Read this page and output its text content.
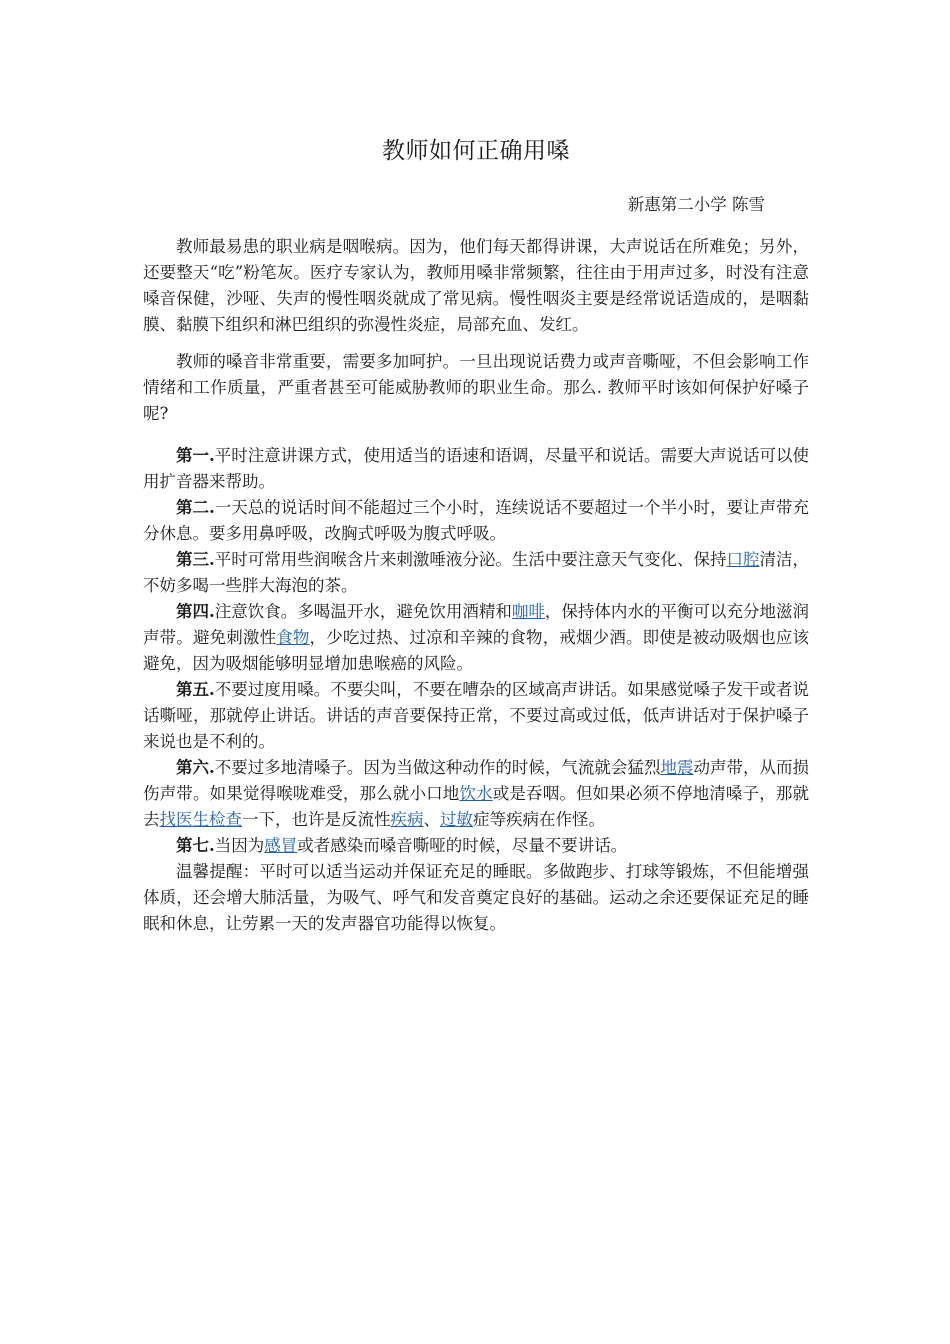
教师如何正确用嗓
新惠第二小学 陈雪

教师最易患的职业病是咽喉病。因为，他们每天都得讲课，大声说话在所难免；另外，还要整天“吃”粉笔灰。医疗专家认为，教师用嗓非常频繁，往往由于用声过多，时没有注意嗓音保健，沙哑、失声的慢性咽炎就成了常见病。慢性咽炎主要是经常说话造成的，是咽黏膜、黏膜下组织和淋巴组织的弥漫性炎症，局部充血、发红。

教师的嗓音非常重要，需要多加呵护。一旦出现说话费力或声音嘶哑，不但会影响工作情绪和工作质量，严重者甚至可能威胁教师的职业生命。那么. 教师平时该如何保护好嗓子呢?

第一.平时注意讲课方式，使用适当的语速和语调，尽量平和说话。需要大声说话可以使用扩音器来帮助。

第二.一天总的说话时间不能超过三个小时，连续说话不要超过一个半小时，要让声带充分休息。要多用鼻呼吸，改胸式呼吸为腹式呼吸。

第三.平时可常用些润喉含片来刺激唾液分泌。生活中要注意天气变化、保持口腔清洁，不妨多喝一些胖大海泡的茶。

第四.注意饮食。多喝温开水，避免饮用酒精和咖啡，保持体内水的平衡可以充分地滋润声带。避免刺激性食物，少吃过热、过凉和辛辣的食物，戒烟少酒。即使是被动吸烟也应该避免，因为吸烟能够明显增加患喉癌的风险。

第五.不要过度用嗓。不要尖叫，不要在嘈杂的区域高声讲话。如果感觉嗓子发干或者说话嘶哑，那就停止讲话。讲话的声音要保持正常，不要过高或过低，低声讲话对于保护嗓子来说也是不利的。

第六.不要过多地清嗓子。因为当做这种动作的时候，气流就会猛烈地震动声带，从而损伤声带。如果觉得喉咙难受，那么就小口地饮水或是吞咽。但如果必须不停地清嗓子，那就去找医生检查一下，也许是反流性疾病、过敏症等疾病在作怪。

第七.当因为感冒或者感染而嗓音嘶哑的时候，尽量不要讲话。

温馨提醒：平时可以适当运动并保证充足的睡眠。多做跑步、打球等锻炼，不但能增强体质，还会增大肺活量，为吸气、呼气和发音奠定良好的基础。运动之余还要保证充足的睡眠和休息，让劳累一天的发声器官功能得以恢复。
